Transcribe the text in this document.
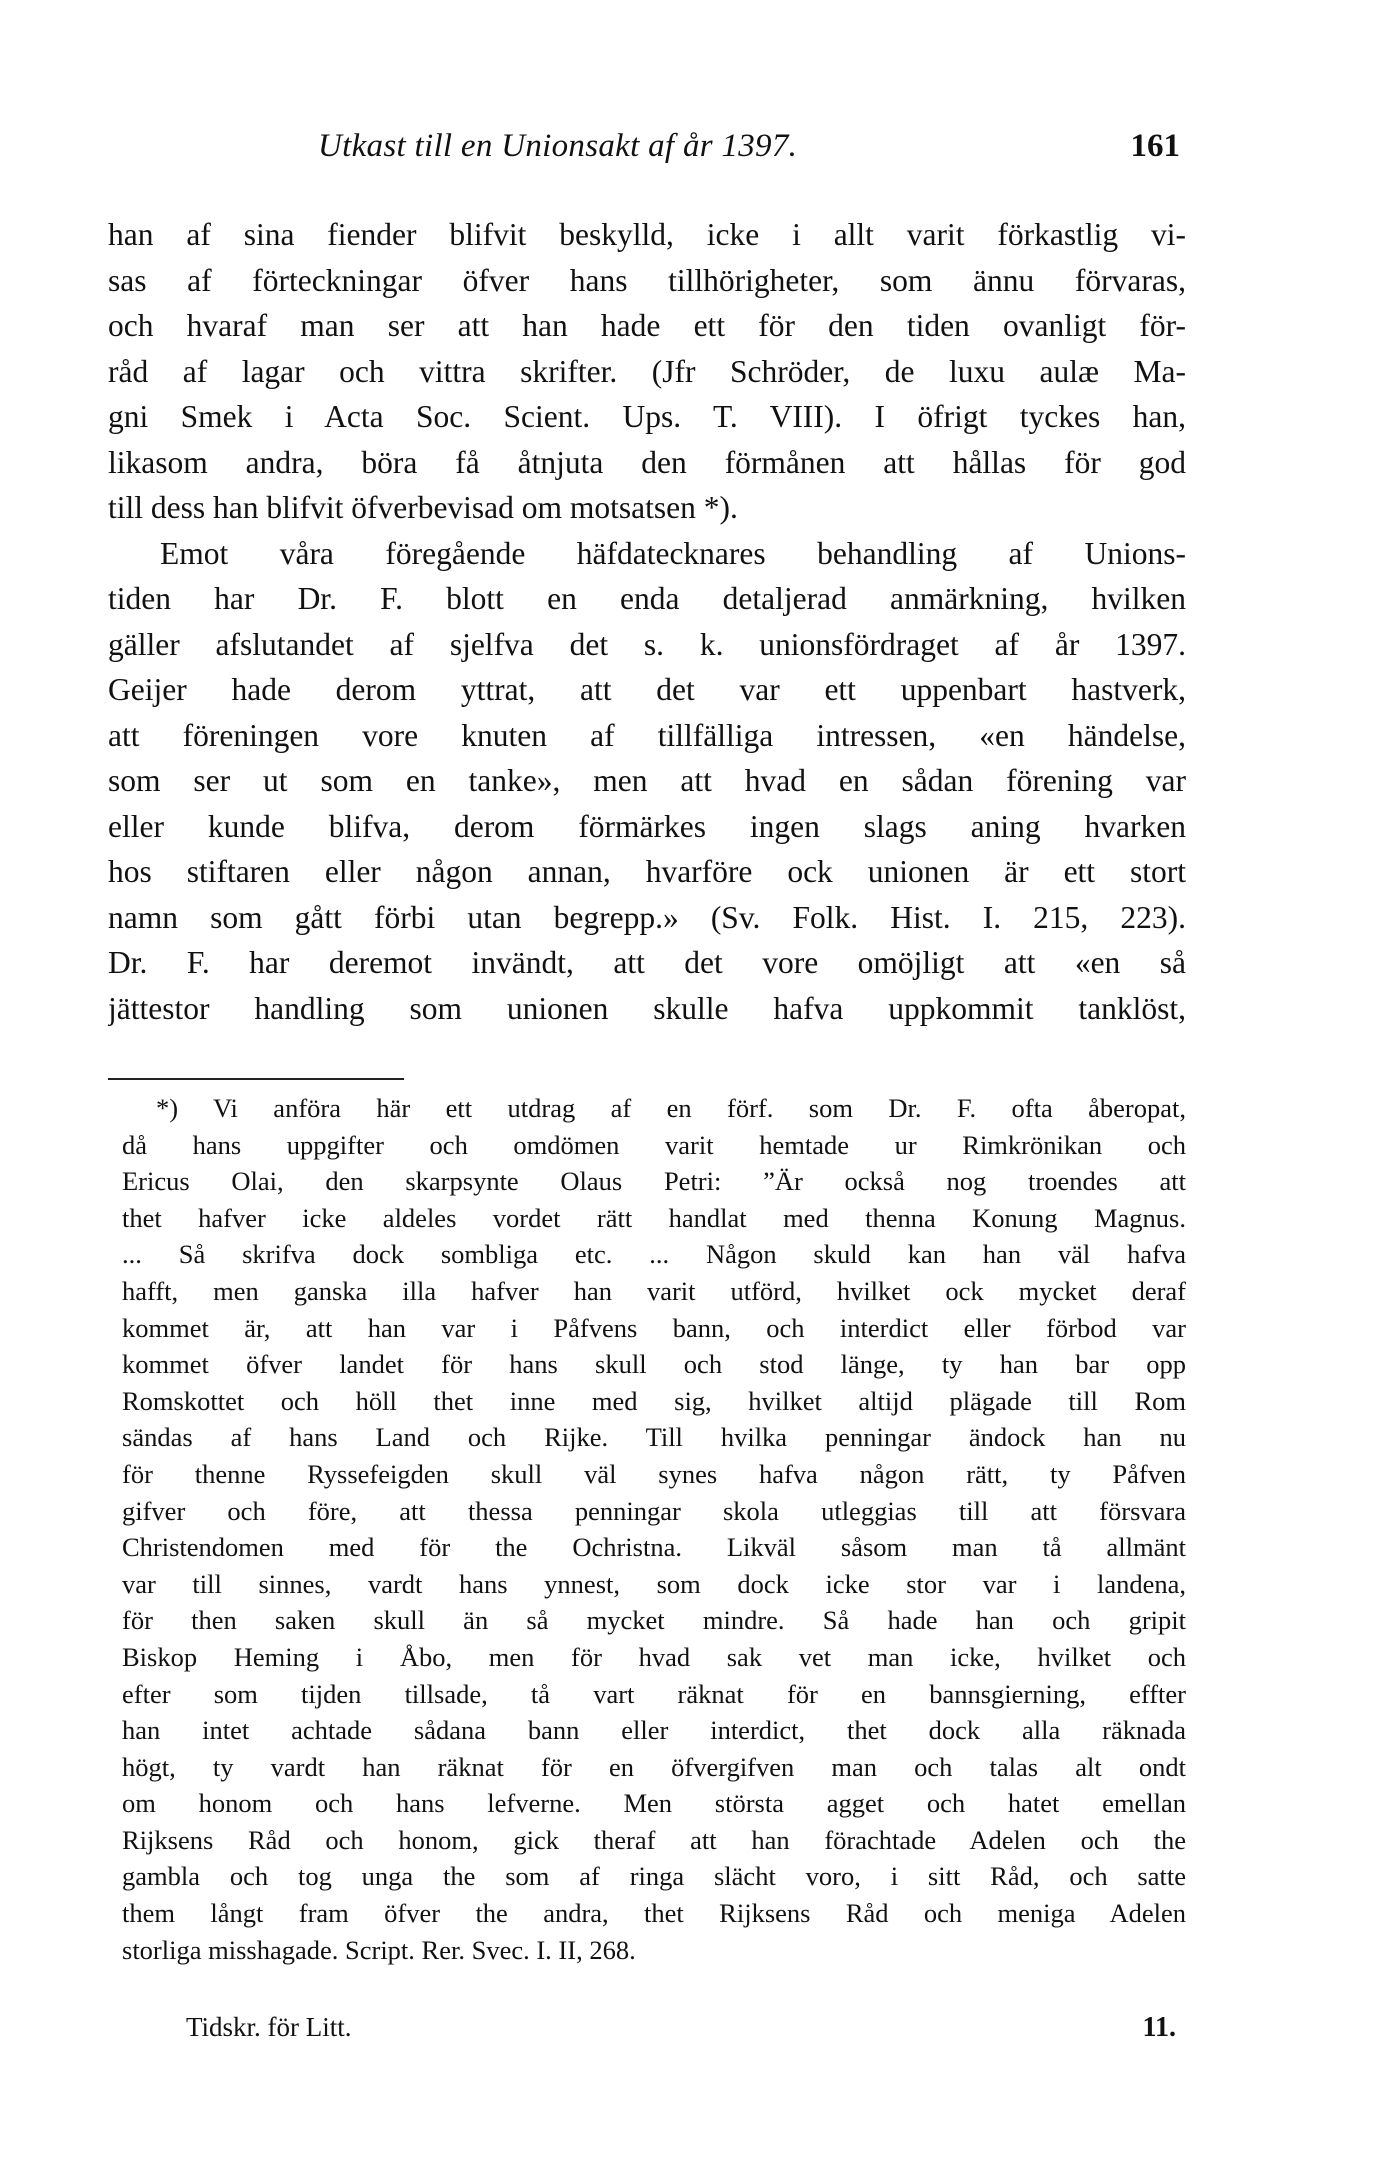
Utkast till en Unionsakt af år 1397.	161
han af sina fiender blifvit beskylld, icke i allt varit förkastlig vi-
sas af förteckningar öfver hans tillhörigheter, som ännu förvaras,
och hvaraf man ser att han hade ett för den tiden ovanligt för-
råd af lagar och vittra skrifter. (Jfr Schröder, de luxu aulæ Ma-
gni Smek i Acta Soc. Scient. Ups. T. VIII). I öfrigt tyckes han,
likasom andra, böra få åtnjuta den förmånen att hållas för god
till dess han blifvit öfverbevisad om motsatsen *).
Emot våra föregående häfdatecknares behandling af Unions-
tiden har Dr. F. blott en enda detaljerad anmärkning, hvilken
gäller afslutandet af sjelfva det s. k. unionsfördraget af år 1397.
Geijer hade derom yttrat, att det var ett uppenbart hastverk,
att föreningen vore knuten af tillfälliga intressen, «en händelse,
som ser ut som en tanke», men att hvad en sådan förening var
eller kunde blifva, derom förmärkes ingen slags aning hvarken
hos stiftaren eller någon annan, hvarföre ock unionen är ett stort
namn som gått förbi utan begrepp.» (Sv. Folk. Hist. I. 215, 223).
Dr. F. har deremot invändt, att det vore omöjligt att «en så
jättestor handling som unionen skulle hafva uppkommit tanklöst,
*) Vi anföra här ett utdrag af en förf. som Dr. F. ofta åberopat,
då hans uppgifter och omdömen varit hemtade ur Rimkrönikan och
Ericus Olai, den skarpsynte Olaus Petri: ”Är också nog troendes att
thet hafver icke aldeles vordet rätt handlat med thenna Konung Magnus.
... Så skrifva dock sombliga etc. ... Någon skuld kan han väl hafva
hafft, men ganska illa hafver han varit utförd, hvilket ock mycket deraf
kommet är, att han var i Påfvens bann, och interdict eller förbod var
kommet öfver landet för hans skull och stod länge, ty han bar opp
Romskottet och höll thet inne med sig, hvilket altijd plägade till Rom
sändas af hans Land och Rijke. Till hvilka penningar ändock han nu
för thenne Ryssefeigden skull väl synes hafva någon rätt, ty Påfven
gifver och före, att thessa penningar skola utleggias till att försvara
Christendomen med för the Ochristna. Likväl såsom man tå allmänt
var till sinnes, vardt hans ynnest, som dock icke stor var i landena,
för then saken skull än så mycket mindre. Så hade han och gripit
Biskop Heming i Åbo, men för hvad sak vet man icke, hvilket och
efter som tijden tillsade, tå vart räknat för en bannsgierning, effter
han intet achtade sådana bann eller interdict, thet dock alla räknada
högt, ty vardt han räknat för en öfvergifven man och talas alt ondt
om honom och hans lefverne. Men största agget och hatet emellan
Rijksens Råd och honom, gick theraf att han förachtade Adelen och the
gambla och tog unga the som af ringa slächt voro, i sitt Råd, och satte
them långt fram öfver the andra, thet Rijksens Råd och meniga Adelen
storliga misshagade. Script. Rer. Svec. I. II, 268.
Tidskr. för Litt.	11.
